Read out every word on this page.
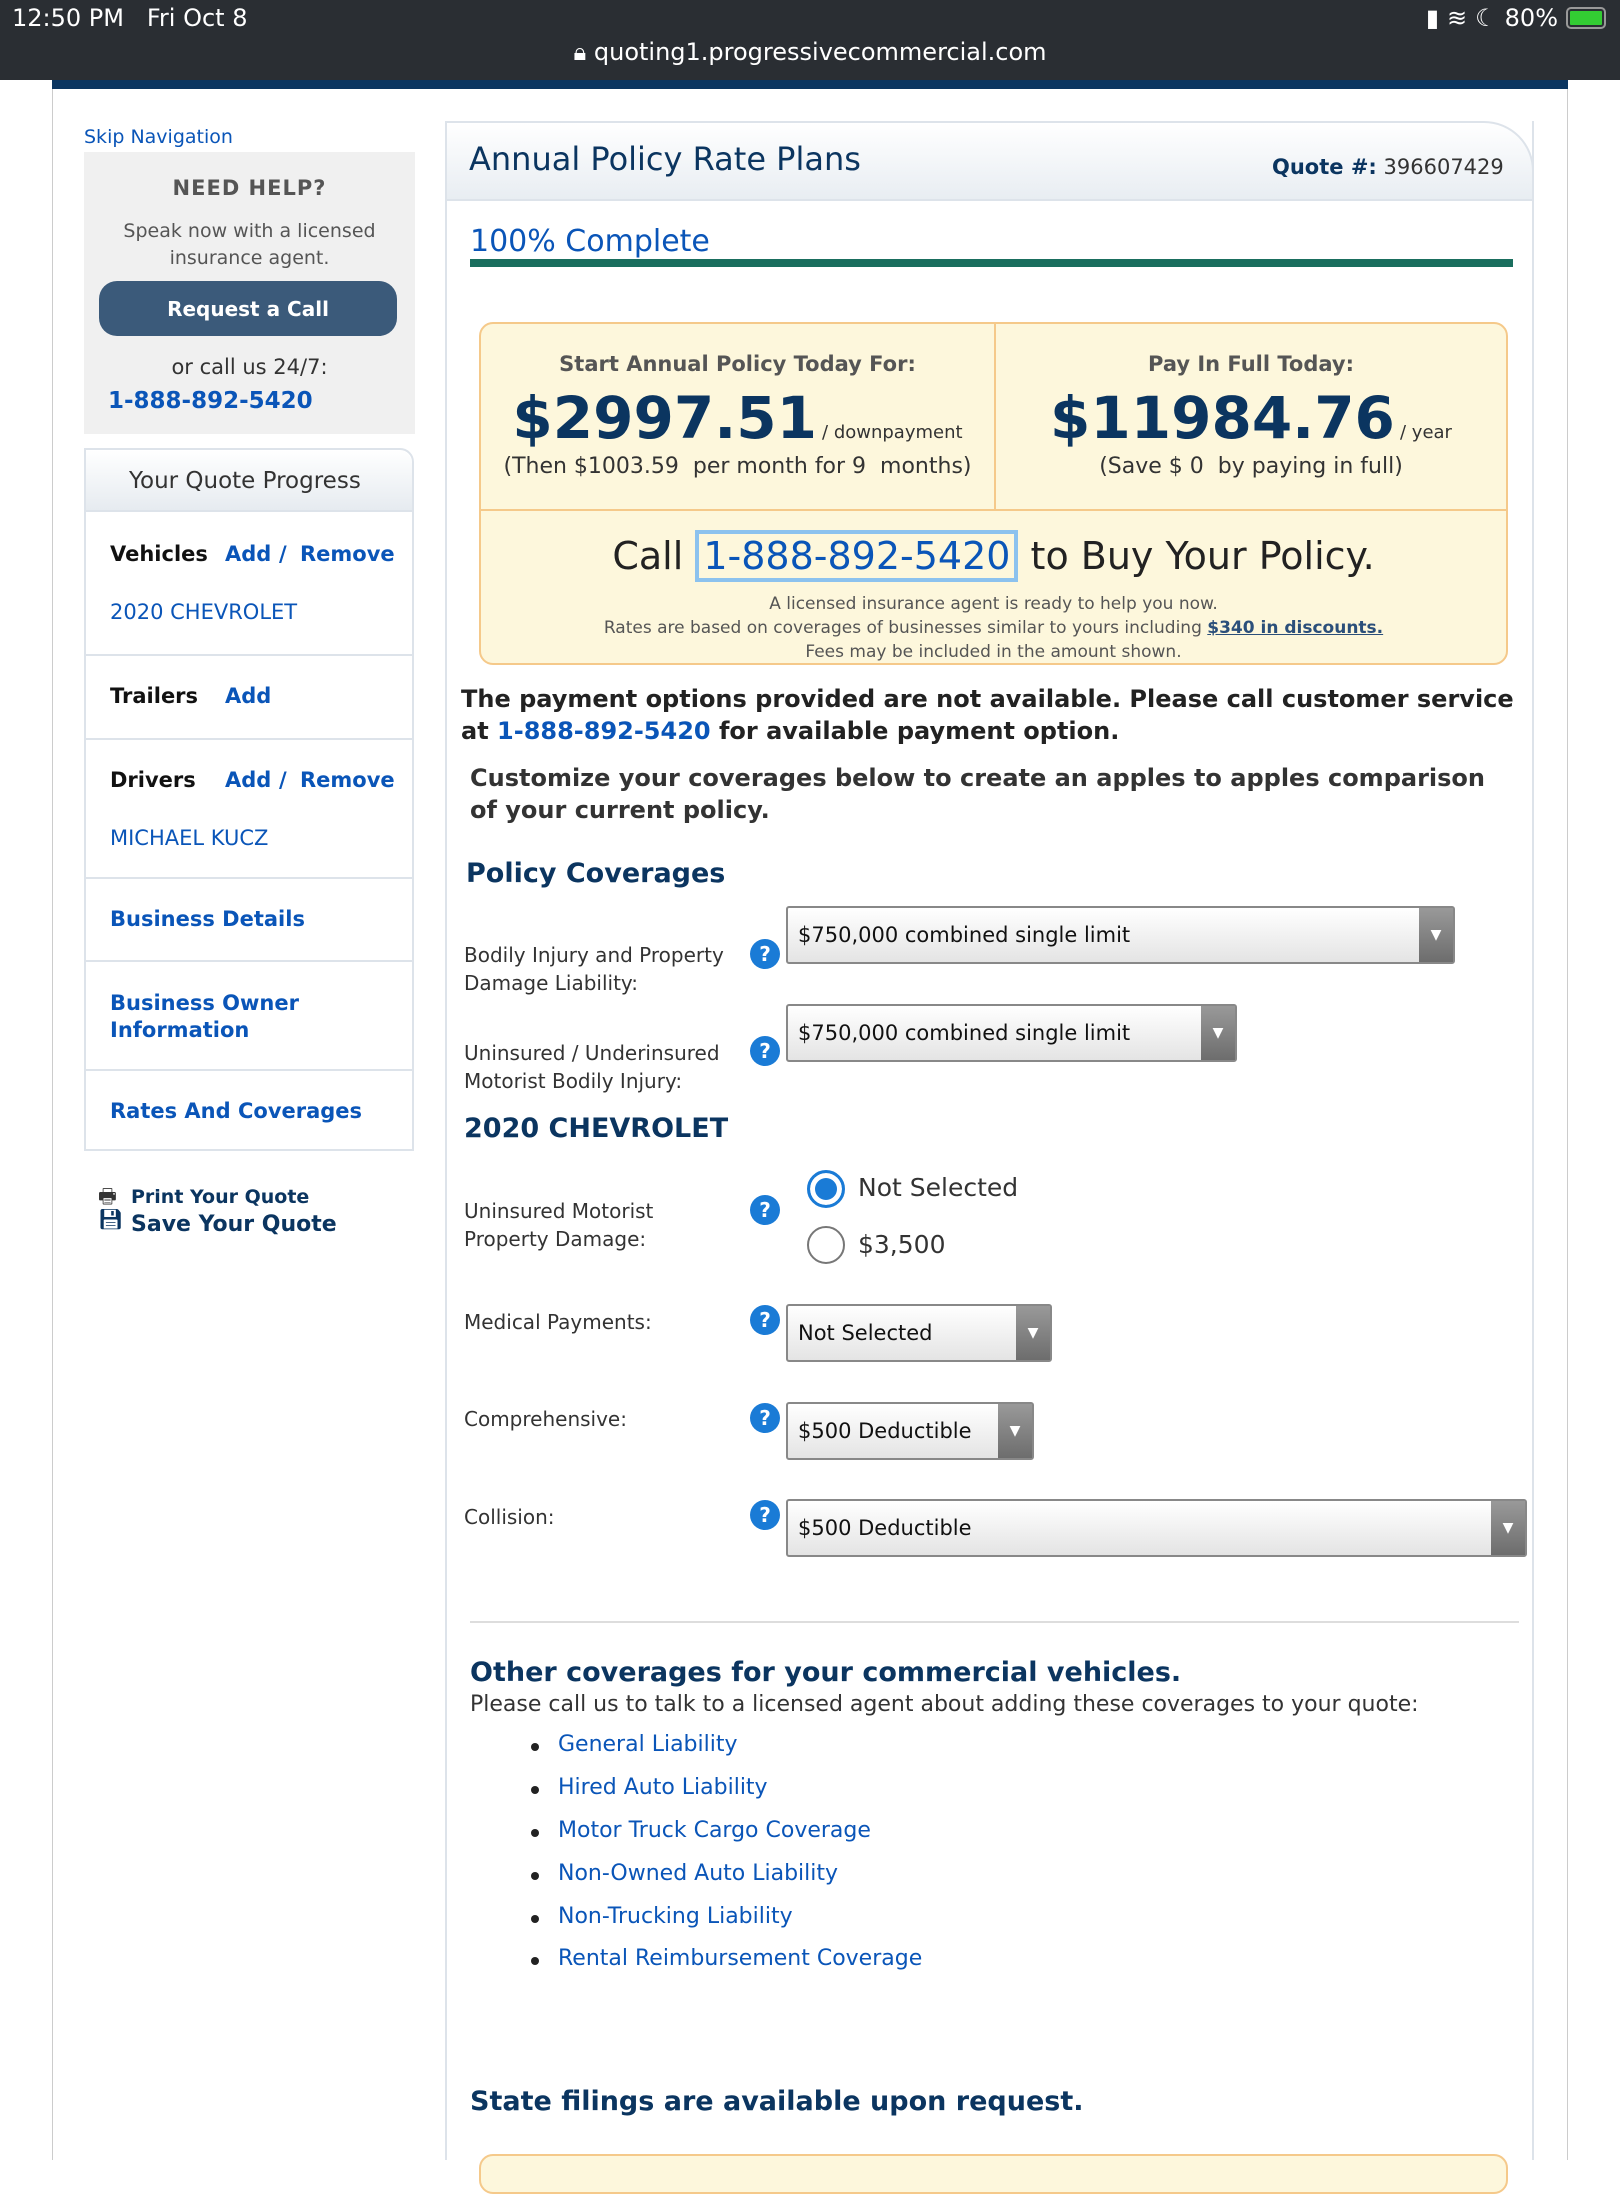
12:50 PM Fri Oct 8	▮ ≋ ☾ 80%
🔒︎ quoting1.progressivecommercial.com
Skip Navigation
NEED HELP?
Speak now with a licensed insurance agent.
Request a Call
or call us 24/7:
1-888-892-5420
Your Quote Progress
Vehicles Add / Remove
2020 CHEVROLET
Trailers Add
Drivers Add / Remove
MICHAEL KUCZ
Business Details
Business Owner Information
Rates And Coverages
🖶 Print Your Quote
💾︎ Save Your Quote
Annual Policy Rate Plans	Quote #: 396607429
100% Complete
Start Annual Policy Today For:
$2997.51 / downpayment
(Then $1003.59  per month for 9  months)
Pay In Full Today:
$11984.76 / year
(Save $ 0  by paying in full)
Call 1-888-892-5420 to Buy Your Policy.
A licensed insurance agent is ready to help you now.
Rates are based on coverages of businesses similar to yours including $340 in discounts.
Fees may be included in the amount shown.
The payment options provided are not available. Please call customer service at 1-888-892-5420 for available payment option.
Customize your coverages below to create an apples to apples comparison of your current policy.
Policy Coverages
Bodily Injury and Property Damage Liability:
?
$750,000 combined single limit	▼
Uninsured / Underinsured Motorist Bodily Injury:
?
$750,000 combined single limit	▼
2020 CHEVROLET
Uninsured Motorist Property Damage:
?
Not Selected
$3,500
Medical Payments:	?
Not Selected	▼
Comprehensive:	?
$500 Deductible	▼
Collision:	?
$500 Deductible	▼
Other coverages for your commercial vehicles.
Please call us to talk to a licensed agent about adding these coverages to your quote:
General Liability
Hired Auto Liability
Motor Truck Cargo Coverage
Non-Owned Auto Liability
Non-Trucking Liability
Rental Reimbursement Coverage
State filings are available upon request.
